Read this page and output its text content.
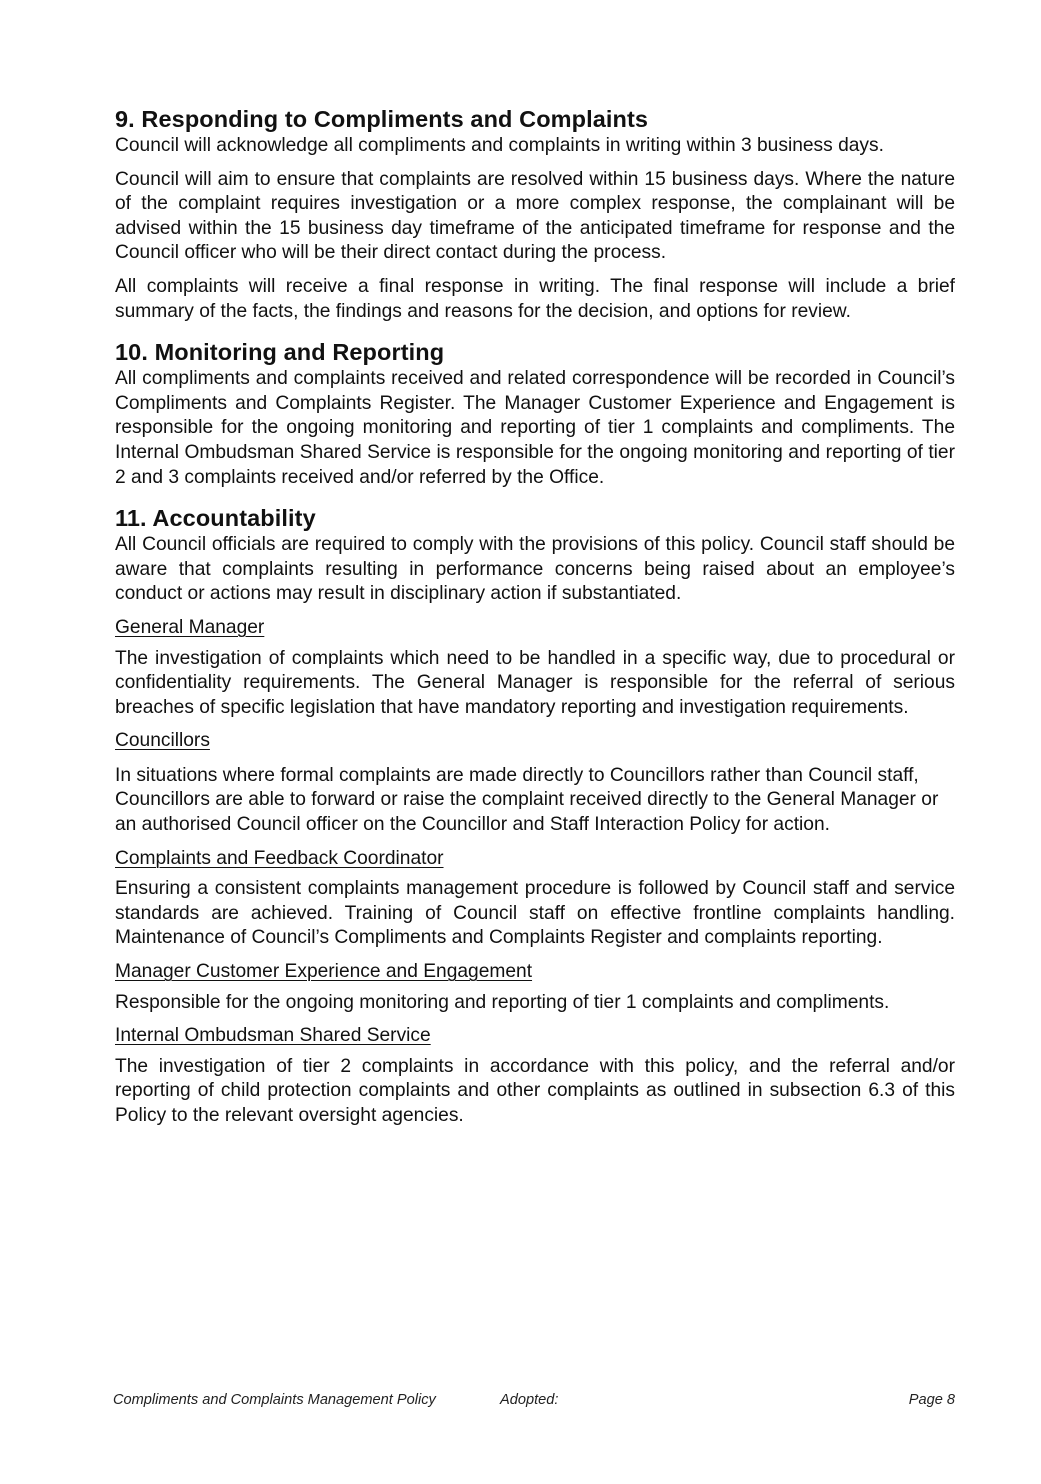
9. Responding to Compliments and Complaints

Council will acknowledge all compliments and complaints in writing within 3 business days.

Council will aim to ensure that complaints are resolved within 15 business days. Where the nature of the complaint requires investigation or a more complex response, the complainant will be advised within the 15 business day timeframe of the anticipated timeframe for response and the Council officer who will be their direct contact during the process.

All complaints will receive a final response in writing. The final response will include a brief summary of the facts, the findings and reasons for the decision, and options for review.

10. Monitoring and Reporting

All compliments and complaints received and related correspondence will be recorded in Council’s Compliments and Complaints Register. The Manager Customer Experience and Engagement is responsible for the ongoing monitoring and reporting of tier 1 complaints and compliments. The Internal Ombudsman Shared Service is responsible for the ongoing monitoring and reporting of tier 2 and 3 complaints received and/or referred by the Office.

11. Accountability

All Council officials are required to comply with the provisions of this policy. Council staff should be aware that complaints resulting in performance concerns being raised about an employee’s conduct or actions may result in disciplinary action if substantiated.

General Manager

The investigation of complaints which need to be handled in a specific way, due to procedural or confidentiality requirements. The General Manager is responsible for the referral of serious breaches of specific legislation that have mandatory reporting and investigation requirements.

Councillors

In situations where formal complaints are made directly to Councillors rather than Council staff, Councillors are able to forward or raise the complaint received directly to the General Manager or an authorised Council officer on the Councillor and Staff Interaction Policy for action.

Complaints and Feedback Coordinator

Ensuring a consistent complaints management procedure is followed by Council staff and service standards are achieved. Training of Council staff on effective frontline complaints handling. Maintenance of Council’s Compliments and Complaints Register and complaints reporting.

Manager Customer Experience and Engagement

Responsible for the ongoing monitoring and reporting of tier 1 complaints and compliments.

Internal Ombudsman Shared Service

The investigation of tier 2 complaints in accordance with this policy, and the referral and/or reporting of child protection complaints and other complaints as outlined in subsection 6.3 of this Policy to the relevant oversight agencies.

Compliments and Complaints Management Policy	Adopted:	Page 8
